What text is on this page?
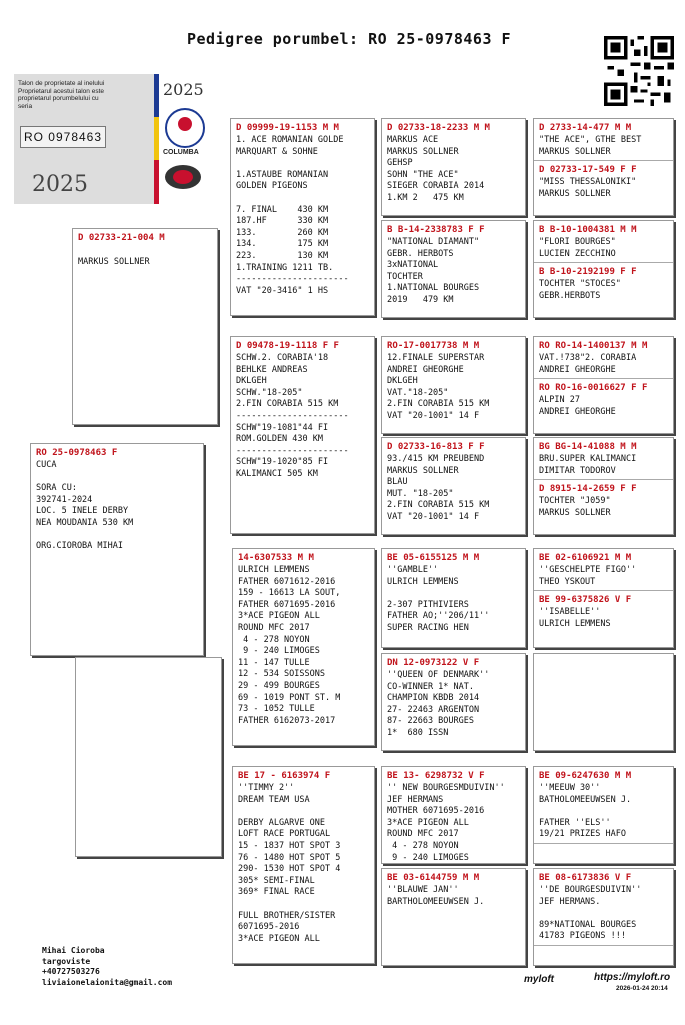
Pedigree porumbel: RO 25-0978463 F
Talon de proprietate al inelului Proprietarul acestui talon este proprietarul porumbelului cu seria
RO 0978463
2025
2025
COLUMBA
RO 25-0978463 F
CUCA

SORA CU:
392741-2024
LOC. 5 INELE DERBY
NEA MOUDANIA 530 KM

ORG.CIOROBA MIHAI
D 02733-21-004 M

MARKUS SOLLNER
D 09999-19-1153 M M
1. ACE ROMANIAN GOLDE
MARQUART & SOHNE

1.ASTAUBE ROMANIAN
GOLDEN PIGEONS

7. FINAL    430 KM
187.HF      330 KM
133.        260 KM
134.        175 KM
223.        130 KM
1.TRAINING 1211 TB.
----------------------
VAT "20-3416" 1 HS
D 09478-19-1118 F F
SCHW.2. CORABIA'18
BEHLKE ANDREAS
DKLGEH
SCHW."18-205"
2.FIN CORABIA 515 KM
----------------------
SCHW"19-1081"44 FI
ROM.GOLDEN 430 KM
----------------------
SCHW"19-1020"85 FI
KALIMANCI 505 KM
14-6307533 M M
ULRICH LEMMENS
FATHER 6071612-2016
159 - 16613 LA SOUT,
FATHER 6071695-2016
3*ACE PIGEON ALL
ROUND MFC 2017
4 - 278 NOYON
9 - 240 LIMOGES
11 - 147 TULLE
12 - 534 SOISSONS
29 - 499 BOURGES
69 - 1019 PONT ST. M
73 - 1052 TULLE
FATHER 6162073-2017
BE 17 - 6163974 F
''TIMMY 2''
DREAM TEAM USA

DERBY ALGARVE ONE
LOFT RACE PORTUGAL
15 - 1837 HOT SPOT 3
76 - 1480 HOT SPOT 5
290- 1530 HOT SPOT 4
305* SEMI-FINAL
369* FINAL RACE

FULL BROTHER/SISTER
6071695-2016
3*ACE PIGEON ALL
D 02733-18-2233 M M
MARKUS ACE
MARKUS SOLLNER
GEHSP
SOHN "THE ACE"
SIEGER CORABIA 2014
1.KM 2   475 KM
B B-14-2338783 F F
"NATIONAL DIAMANT"
GEBR. HERBOTS
3xNATIONAL
TOCHTER
1.NATIONAL BOURGES
2019   479 KM
RO-17-0017738 M M
12.FINALE SUPERSTAR
ANDREI GHEORGHE
DKLGEH
VAT."18-205"
2.FIN CORABIA 515 KM
VAT "20-1001" 14 F
D 02733-16-813 F F
93./415 KM PREUBEND
MARKUS SOLLNER
BLAU
MUT. "18-205"
2.FIN CORABIA 515 KM
VAT "20-1001" 14 F
BE 05-6155125 M M
''GAMBLE''
ULRICH LEMMENS

2-307 PITHIVIERS
FATHER AO;''206/11''
SUPER RACING HEN
DN 12-0973122 V F
''QUEEN OF DENMARK''
CO-WINNER 1* NAT.
CHAMPION KBDB 2014
27- 22463 ARGENTON
87- 22663 BOURGES
1*  680 ISSN
BE 13- 6298732 V F
'' NEW BOURGESMDUIVIN''
JEF HERMANS
MOTHER 6071695-2016
3*ACE PIGEON ALL
ROUND MFC 2017
4 - 278 NOYON
9 - 240 LIMOGES

BE 03-6144759 M M
''BLAUWE JAN''
BARTHOLOMEEUWSEN J.
D 2733-14-477 M M
"THE ACE", GTHE BEST
MARKUS SOLLNER
D 02733-17-549 F F
"MISS THESSALONIKI"
MARKUS SOLLNER
B B-10-1004381 M M
"FLORI BOURGES"
LUCIEN ZECCHINO
B B-10-2192199 F F
TOCHTER "STOCES"
GEBR.HERBOTS
RO RO-14-1400137 M M
VAT.!738"2. CORABIA
ANDREI GHEORGHE
RO RO-16-0016627 F F
ALPIN 27
ANDREI GHEORGHE
BG BG-14-41088 M M
BRU.SUPER KALIMANCI
DIMITAR TODOROV
D 8915-14-2659 F F
TOCHTER "J059"
MARKUS SOLLNER
BE 02-6106921 M M
''GESCHELPTE FIGO''
THEO YSKOUT
BE 99-6375826 V F
''ISABELLE''
ULRICH LEMMENS
BE 09-6247630 M M
''MEEUW 30''
BATHOLOMEEUWSEN J.

FATHER ''ELS''
19/21 PRIZES HAFO
BE 08-6173836 V F
''DE BOURGESDUIVIN''
JEF HERMANS.

89*NATIONAL BOURGES
41783 PIGEONS !!!
Mihai Cioroba
targoviste
+40727503276
liviaionelaionita@gmail.com	myloft	https://myloft.ro
2026-01-24 20:14
